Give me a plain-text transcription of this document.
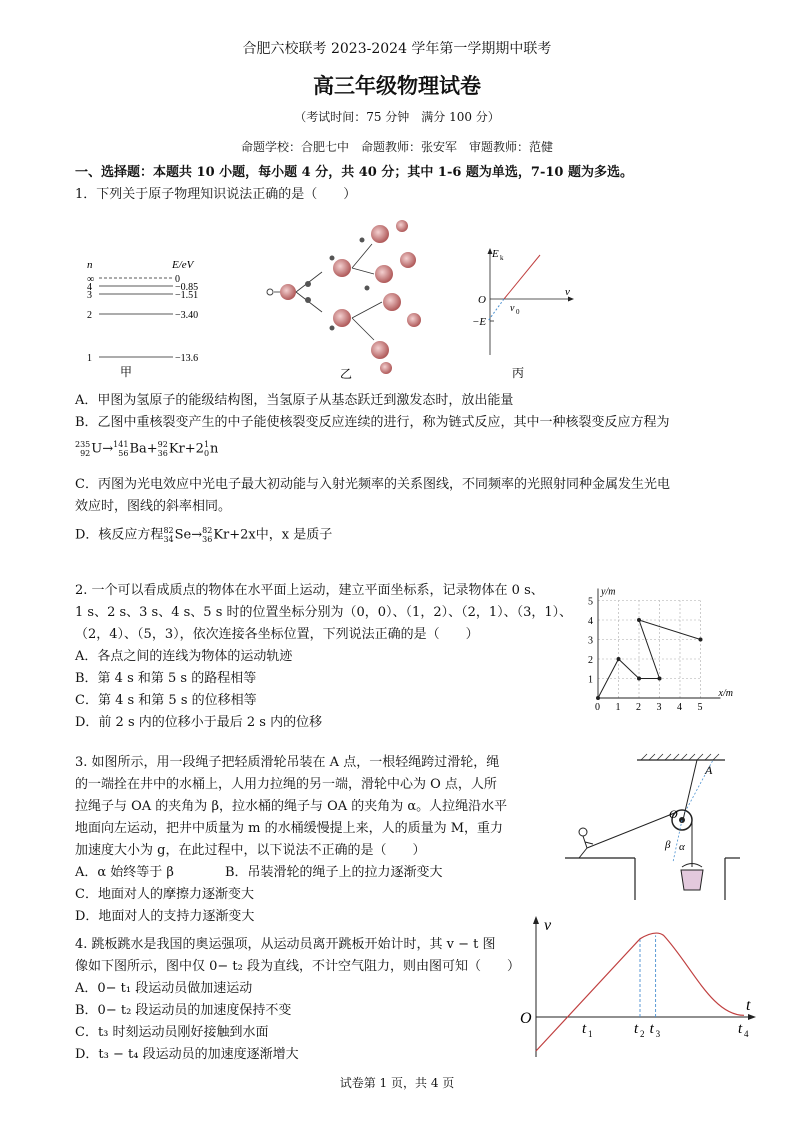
合肥六校联考 2023-2024 学年第一学期期中联考
高三年级物理试卷
（考试时间：75 分钟　满分 100 分）
命题学校：合肥七中　命题教师：张安军　审题教师：范健
一、选择题：本题共 10 小题，每小题 4 分，共 40 分；其中 1-6 题为单选，7-10 题为多选。
1．下列关于原子物理知识说法正确的是（　　）
n	E/eV
∞	0
4	−0.85
3	−1.51
2	−3.40
1	−13.6
甲	乙
E k
v
O
v 0
−E
丙
A．甲图为氢原子的能级结构图，当氢原子从基态跃迁到激发态时，放出能量
B．乙图中重核裂变产生的中子能使核裂变反应连续的进行，称为链式反应，其中一种核裂变反应方程为
235
92U→141
56Ba+92
36Kr+21
0n
C．丙图为光电效应中光电子最大初动能与入射光频率的关系图线，不同频率的光照射同种金属发生光电
效应时，图线的斜率相同。
D．核反应方程82
34Se→82
36Kr+2x中，x 是质子
2. 一个可以看成质点的物体在水平面上运动，建立平面坐标系，记录物体在 0 s、
1 s、2 s、3 s、4 s、5 s 时的位置坐标分别为（0，0）、（1，2）、（2，1）、（3，1）、
（2，4）、（5，3），依次连接各坐标位置，下列说法正确的是（　　）
A．各点之间的连线为物体的运动轨迹
B．第 4 s 和第 5 s 的路程相等
C．第 4 s 和第 5 s 的位移相等
D．前 2 s 内的位移小于最后 2 s 内的位移
x/m
y/m
0 1 2 3 4 5
1
2
3
4
5
3. 如图所示，用一段绳子把轻质滑轮吊装在 A 点，一根轻绳跨过滑轮，绳
的一端拴在井中的水桶上，人用力拉绳的另一端，滑轮中心为 O 点，人所
拉绳子与 OA 的夹角为 β，拉水桶的绳子与 OA 的夹角为 α。人拉绳沿水平
地面向左运动，把井中质量为 m 的水桶缓慢提上来，人的质量为 M，重力
加速度大小为 g，在此过程中，以下说法不正确的是（　　）
A．α 始终等于 β	B．吊装滑轮的绳子上的拉力逐渐变大
C．地面对人的摩擦力逐渐变大
D．地面对人的支持力逐渐变大
A
O
β α
4. 跳板跳水是我国的奥运强项，从运动员离开跳板开始计时，其 v − t 图
像如下图所示，图中仅 0− t₂ 段为直线，不计空气阻力，则由图可知（　　）
A．0− t₁ 段运动员做加速运动
B．0− t₂ 段运动员的加速度保持不变
C．t₃ 时刻运动员刚好接触到水面
D．t₃ − t₄ 段运动员的加速度逐渐增大
v
t
O
t 1	t 2 t 3	t 4
试卷第 1 页，共 4 页
